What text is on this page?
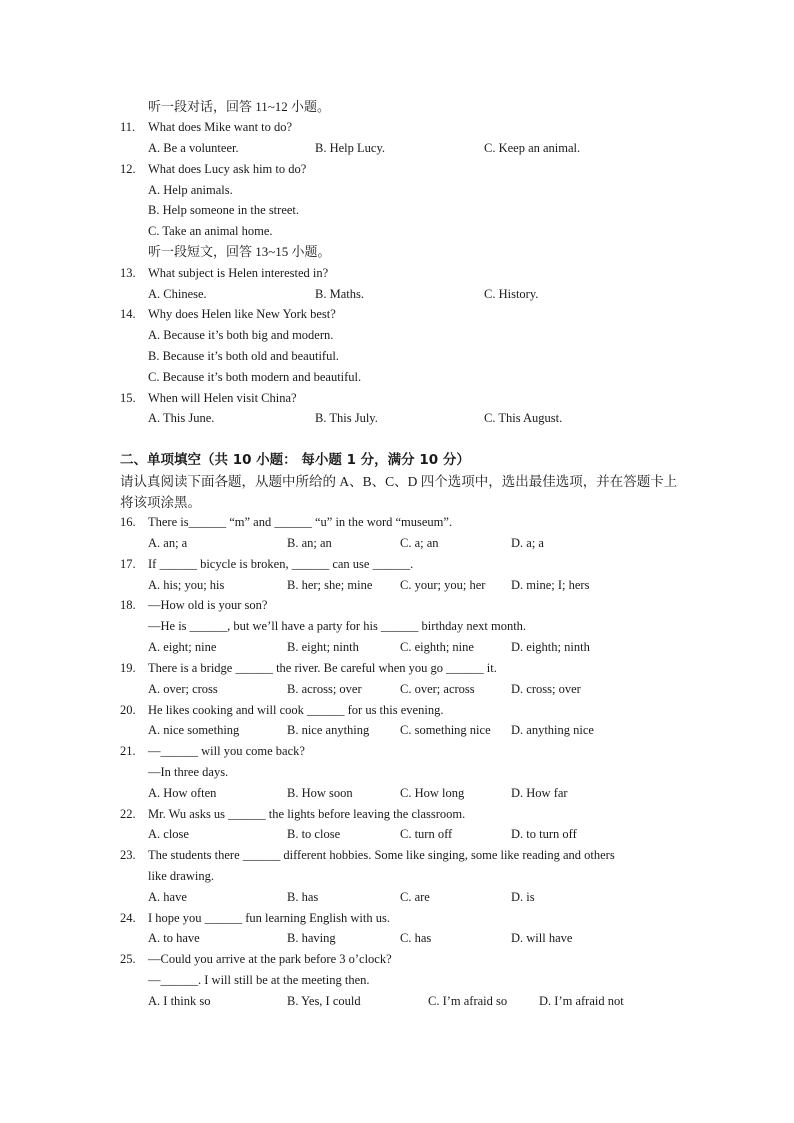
听一段对话，回答 11~12 小题。
11. What does Mike want to do?
A. Be a volunteer.	B. Help Lucy.	C. Keep an animal.
12. What does Lucy ask him to do?
A. Help animals.
B. Help someone in the street.
C. Take an animal home.
听一段短文，回答 13~15 小题。
13. What subject is Helen interested in?
A. Chinese.	B. Maths.	C. History.
14. Why does Helen like New York best?
A. Because it’s both big and modern.
B. Because it’s both old and beautiful.
C. Because it’s both modern and beautiful.
15. When will Helen visit China?
A. This June.	B. This July.	C. This August.
二、单项填空（共 10 小题： 每小题 1 分，满分 10 分）
请认真阅读下面各题，从题中所给的 A、B、C、D 四个选项中，选出最佳选项，并在答题卡上将该项涂黑。
16. There is______ “m” and ______ “u” in the word “museum”.
A. an; a	B. an; an	C. a; an	D. a; a
17. If ______ bicycle is broken, ______ can use ______.
A. his; you; his	B. her; she; mine C. your; you; her D. mine; I; hers
18. —How old is your son?
—He is ______, but we’ll have a party for his ______ birthday next month.
A. eight; nine	B. eight; ninth	C. eighth; nine	D. eighth; ninth
19. There is a bridge ______ the river. Be careful when you go ______ it.
A. over; cross	B. across; over	C. over; across	D. cross; over
20. He likes cooking and will cook ______ for us this evening.
A. nice something	B. nice anything C. something nice D. anything nice
21. —______ will you come back?
—In three days.
A. How often	B. How soon	C. How long	D. How far
22. Mr. Wu asks us ______ the lights before leaving the classroom.
A. close	B. to close	C. turn off	D. to turn off
23. The students there ______ different hobbies. Some like singing, some like reading and others
like drawing.
A. have	B. has	C. are	D. is
24. I hope you ______ fun learning English with us.
A. to have	B. having	C. has	D. will have
25. —Could you arrive at the park before 3 o’clock?
—______. I will still be at the meeting then.
A. I think so	B. Yes, I could	C. I’m afraid so	D. I’m afraid not
